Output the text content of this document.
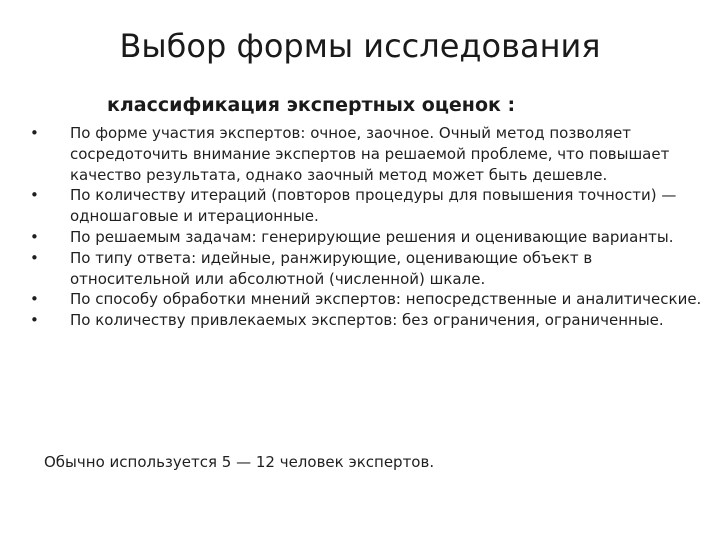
Выбор формы исследования

классификация экспертных оценок :

•	По форме участия экспертов: очное, заочное. Очный метод позволяет сосредоточить внимание экспертов на решаемой проблеме, что повышает качество результата, однако заочный метод может быть дешевле.
•	По количеству итераций (повторов процедуры для повышения точности) — одношаговые и итерационные.
•	По решаемым задачам: генерирующие решения и оценивающие варианты.
•	По типу ответа: идейные, ранжирующие, оценивающие объект в относительной или абсолютной (численной) шкале.
•	По способу обработки мнений экспертов: непосредственные и аналитические.
•	По количеству привлекаемых экспертов: без ограничения, ограниченные.

Обычно используется 5 — 12 человек экспертов.
